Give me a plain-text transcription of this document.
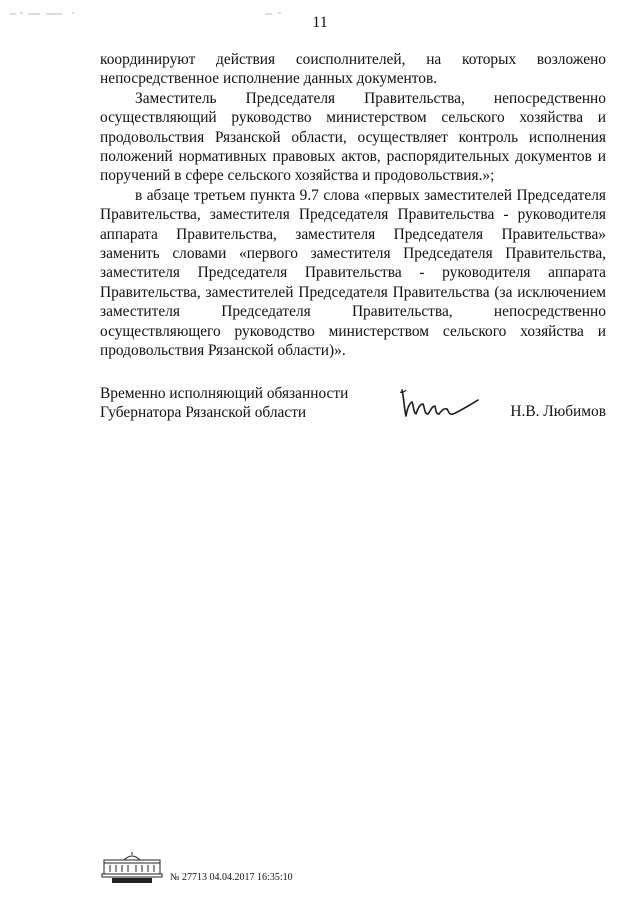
11

координируют действия соисполнителей, на которых возложено непосредственное исполнение данных документов.

Заместитель Председателя Правительства, непосредственно осуществляющий руководство министерством сельского хозяйства и продовольствия Рязанской области, осуществляет контроль исполнения положений нормативных правовых актов, распорядительных документов и поручений в сфере сельского хозяйства и продовольствия.»;

в абзаце третьем пункта 9.7 слова «первых заместителей Председателя Правительства, заместителя Председателя Правительства - руководителя аппарата Правительства, заместителя Председателя Правительства» заменить словами «первого заместителя Председателя Правительства, заместителя Председателя Правительства - руководителя аппарата Правительства, заместителей Председателя Правительства (за исключением заместителя Председателя Правительства, непосредственно осуществляющего руководство министерством сельского хозяйства и продовольствия Рязанской области)».

Временно исполняющий обязанности
Губернатора Рязанской области	Н.В. Любимов
№ 27713 04.04.2017 16:35:10
